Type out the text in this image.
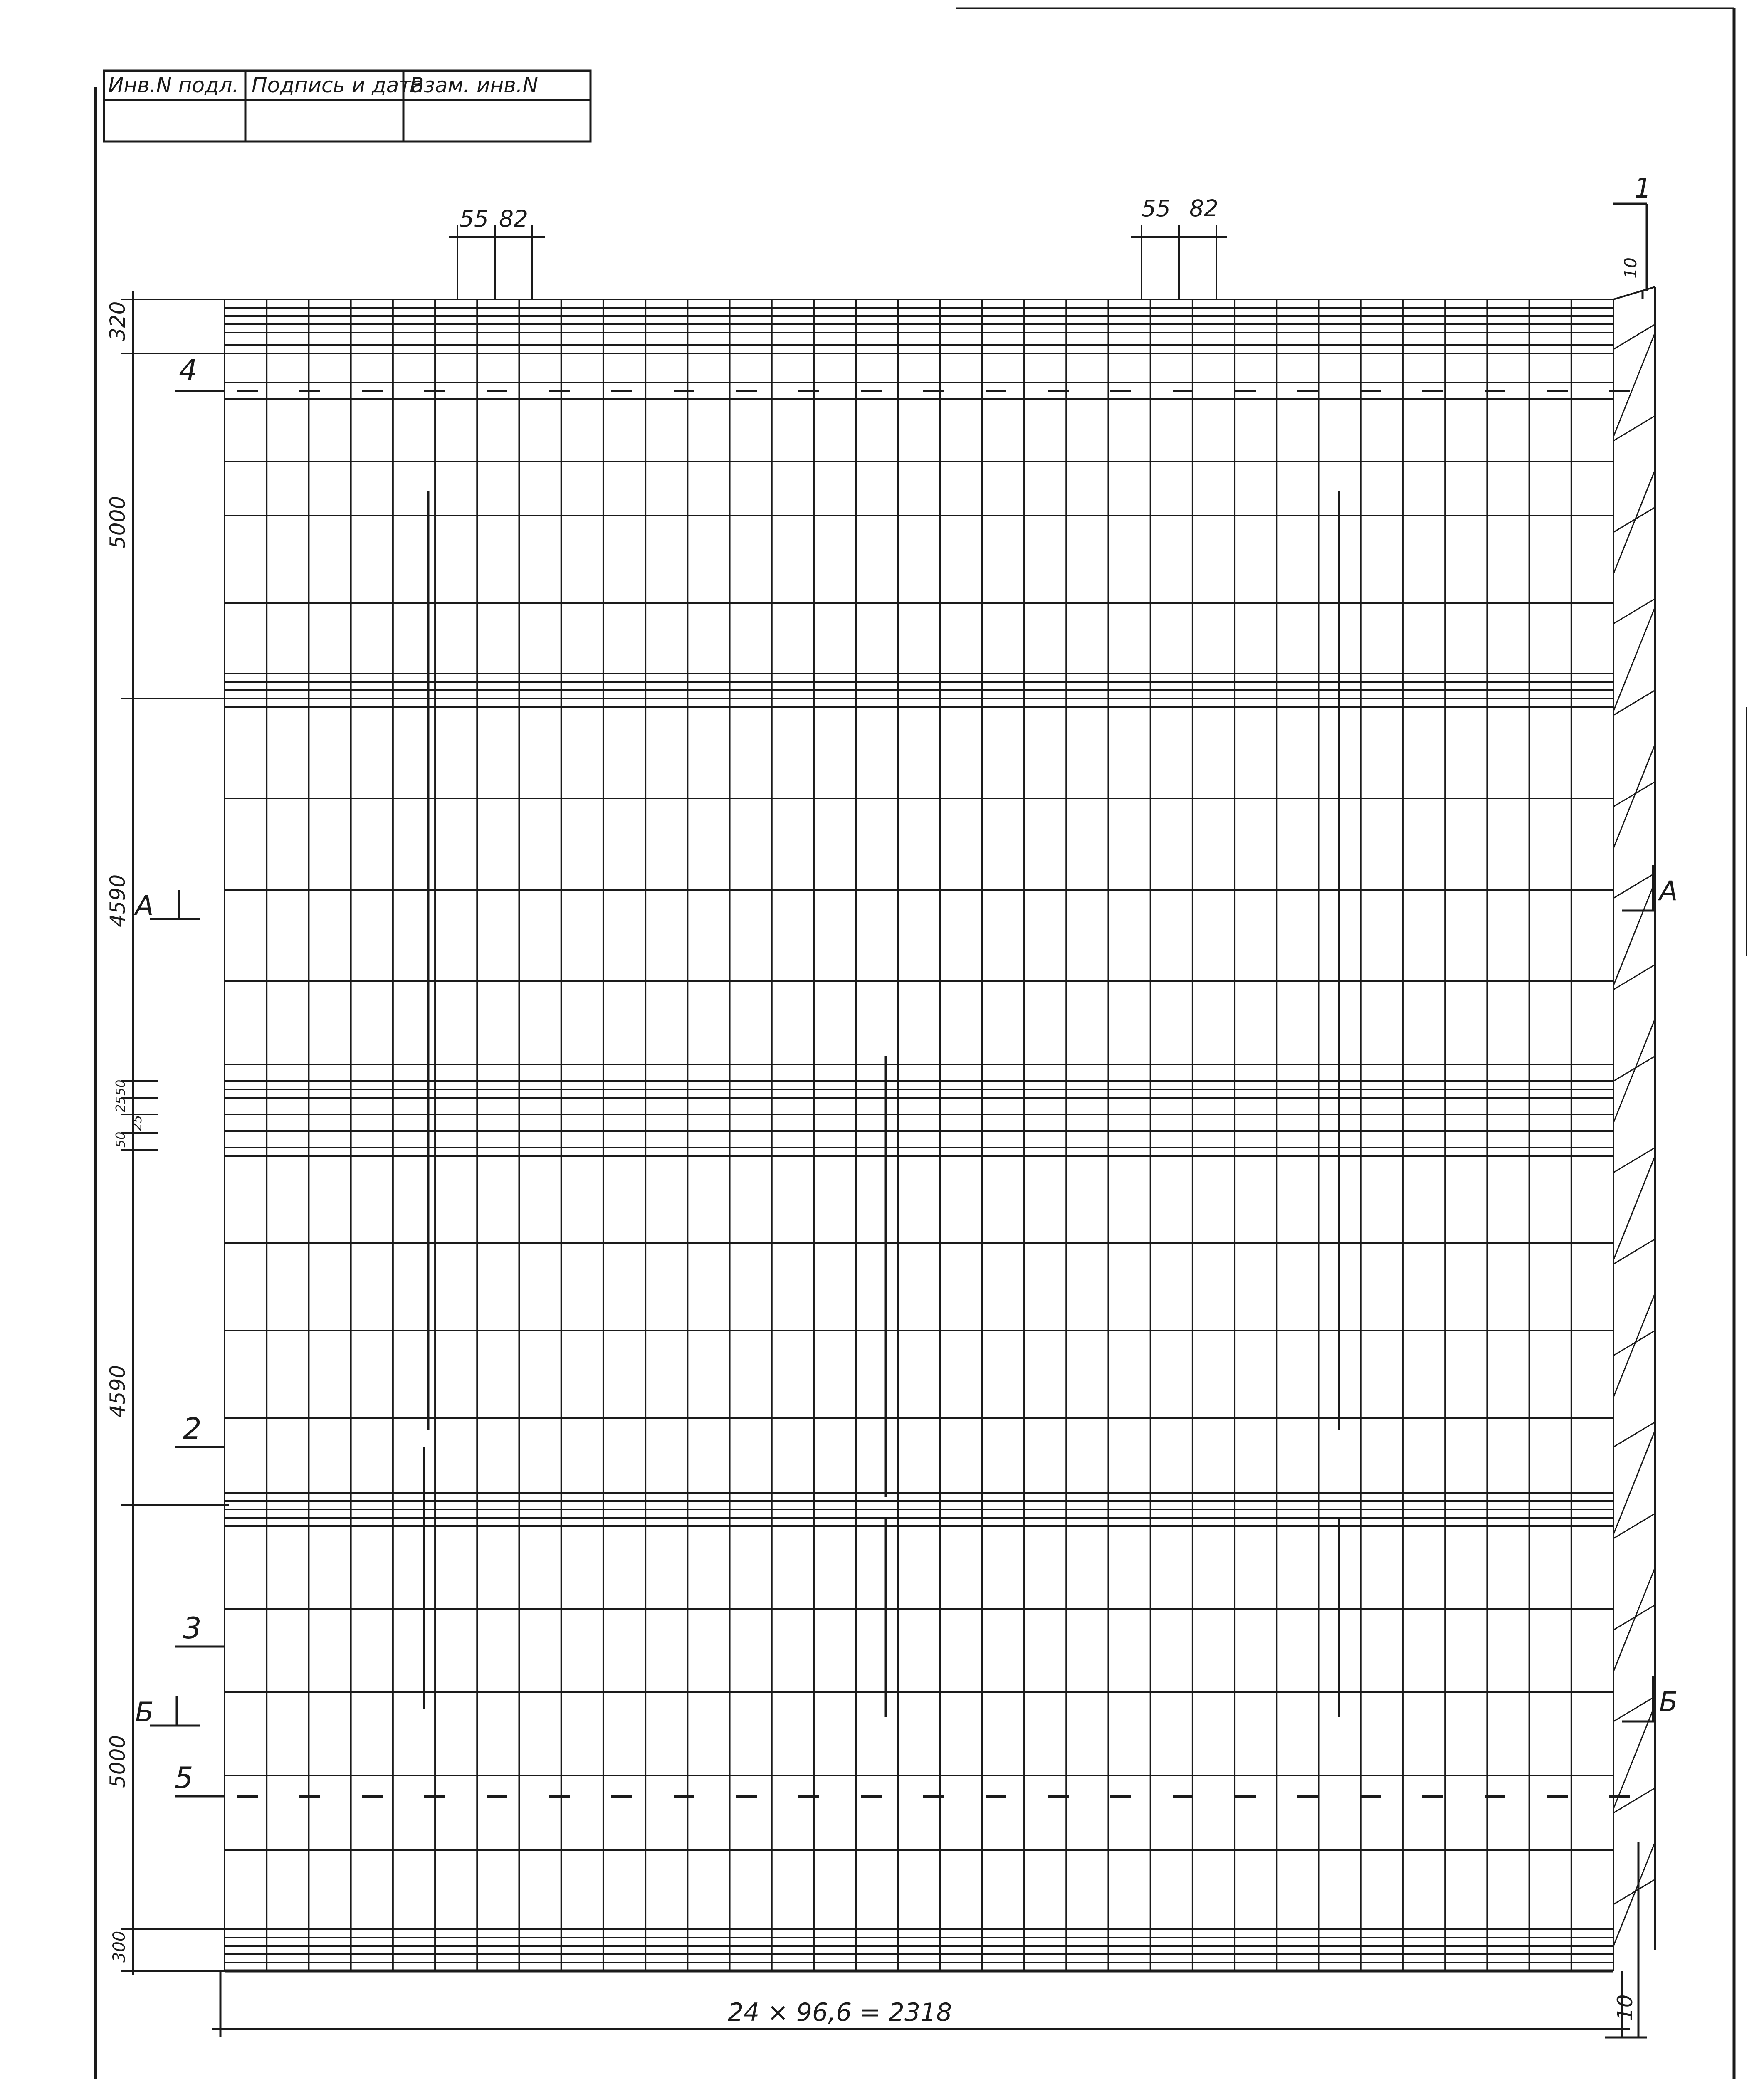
Инв.N подл. Подпись и дата
Взам. инв.N
320
5000
4590
50
25
25
50
4590
5000
300
55 82	55 82
1
10
А
Б
10
4
2
3
5
А
Б
24 × 96,6 = 2318
